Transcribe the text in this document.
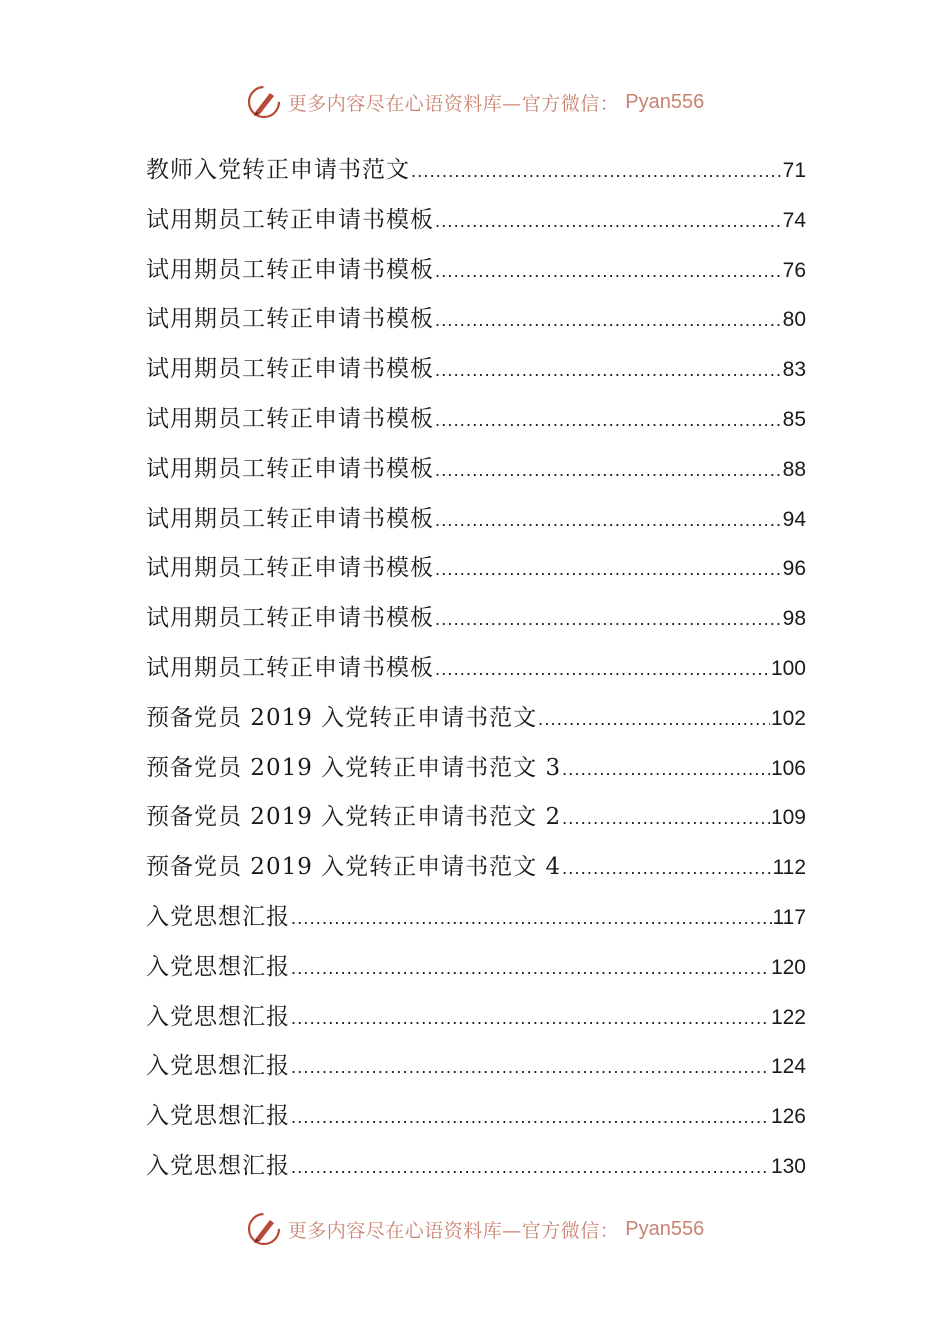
更多内容尽在心语资料库—官方微信： Pyan556
教师入党转正申请书范文 .....	71
试用期员工转正申请书模板 .....	74
试用期员工转正申请书模板 .....	76
试用期员工转正申请书模板 .....	80
试用期员工转正申请书模板 .....	83
试用期员工转正申请书模板 .....	85
试用期员工转正申请书模板 .....	88
试用期员工转正申请书模板 .....	94
试用期员工转正申请书模板 .....	96
试用期员工转正申请书模板 .....	98
试用期员工转正申请书模板 .....	100
预备党员 2019 入党转正申请书范文 .....	102
预备党员 2019 入党转正申请书范文 3 .....	106
预备党员 2019 入党转正申请书范文 2 .....	109
预备党员 2019 入党转正申请书范文 4 .....	112
入党思想汇报 .....	117
入党思想汇报 .....	120
入党思想汇报 .....	122
入党思想汇报 .....	124
入党思想汇报 .....	126
入党思想汇报 .....	130
更多内容尽在心语资料库—官方微信： Pyan556
